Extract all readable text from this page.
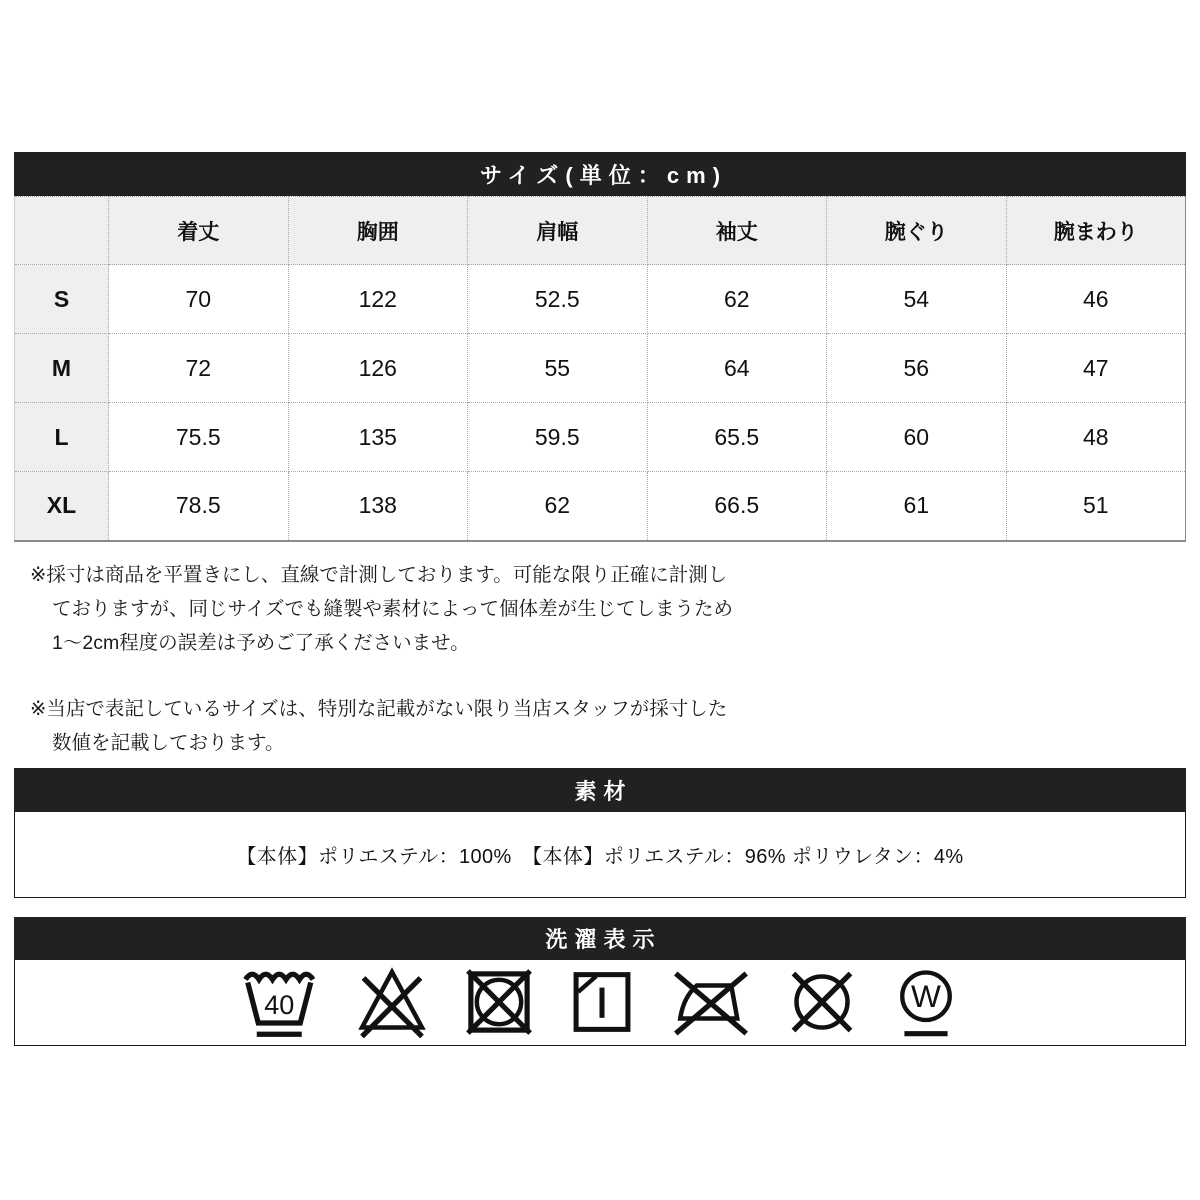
サイズ(単位：cm)
	着丈	胸囲	肩幅	袖丈	腕ぐり	腕まわり
S	70	122	52.5	62	54	46
M	72	126	55	64	56	47
L	75.5	135	59.5	65.5	60	48
XL	78.5	138	62	66.5	61	51
※採寸は商品を平置きにし、直線で計測しております。可能な限り正確に計測し
ておりますが、同じサイズでも縫製や素材によって個体差が生じてしまうため
1〜2cm程度の誤差は予めご了承くださいませ。
※当店で表記しているサイズは、特別な記載がない限り当店スタッフが採寸した
数値を記載しております。
素材
【本体】ポリエステル：100%　【本体】ポリエステル：96% ポリウレタン：4%
洗濯表示
40	W
